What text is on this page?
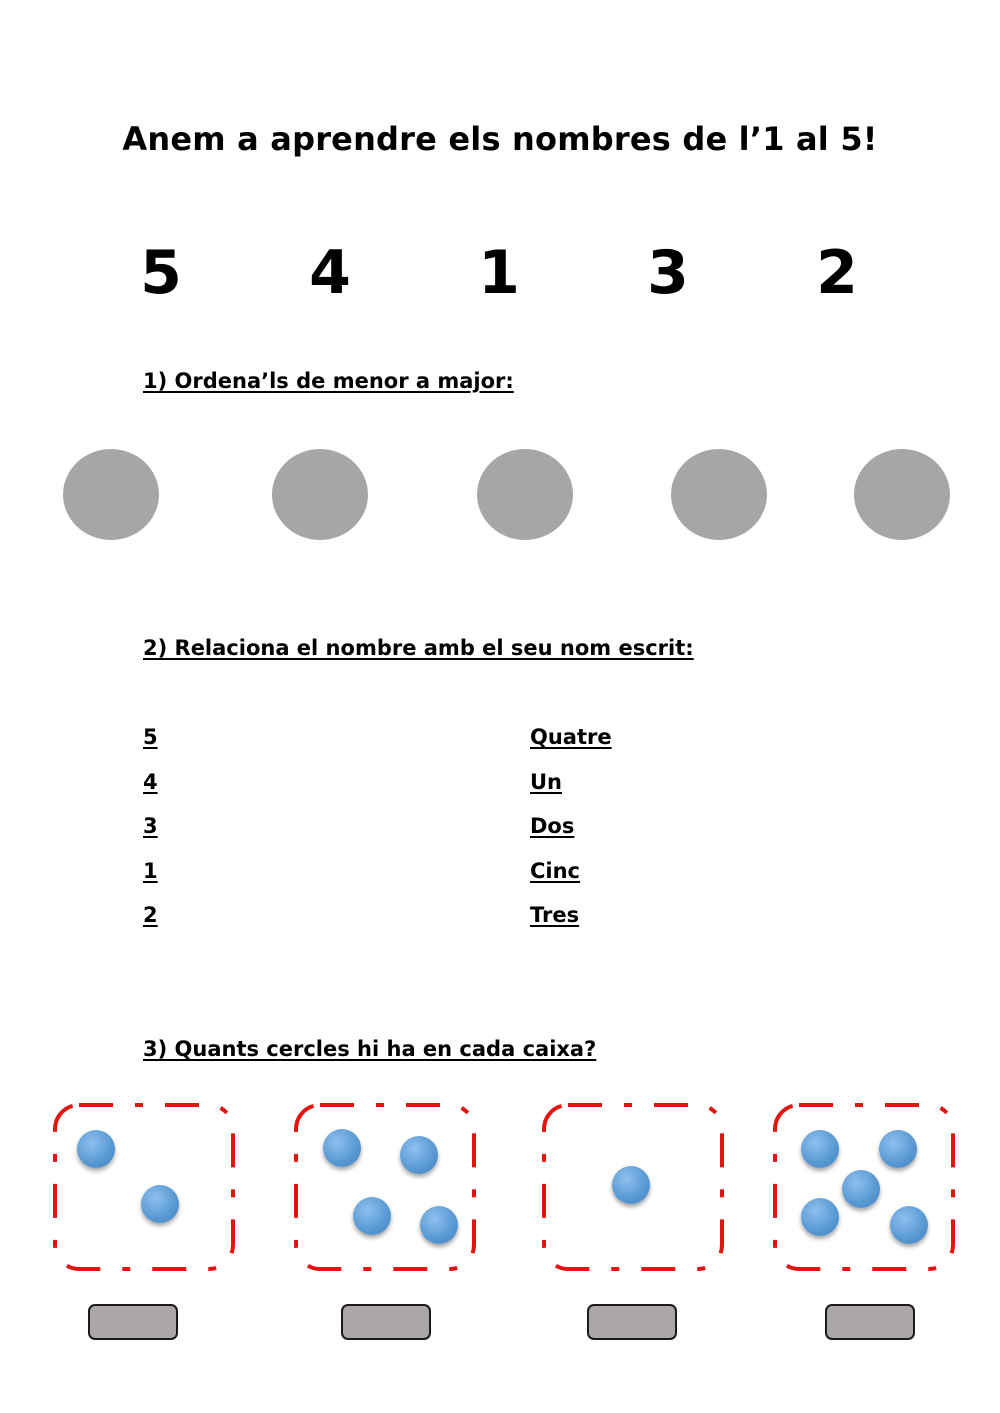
Anem a aprendre els nombres de l’1 al 5!
5 4 1 3 2
1) Ordena’ls de menor a major:
2) Relaciona el nombre amb el seu nom escrit:
5
4
3
1
2
Quatre
Un
Dos
Cinc
Tres
3) Quants cercles hi ha en cada caixa?
